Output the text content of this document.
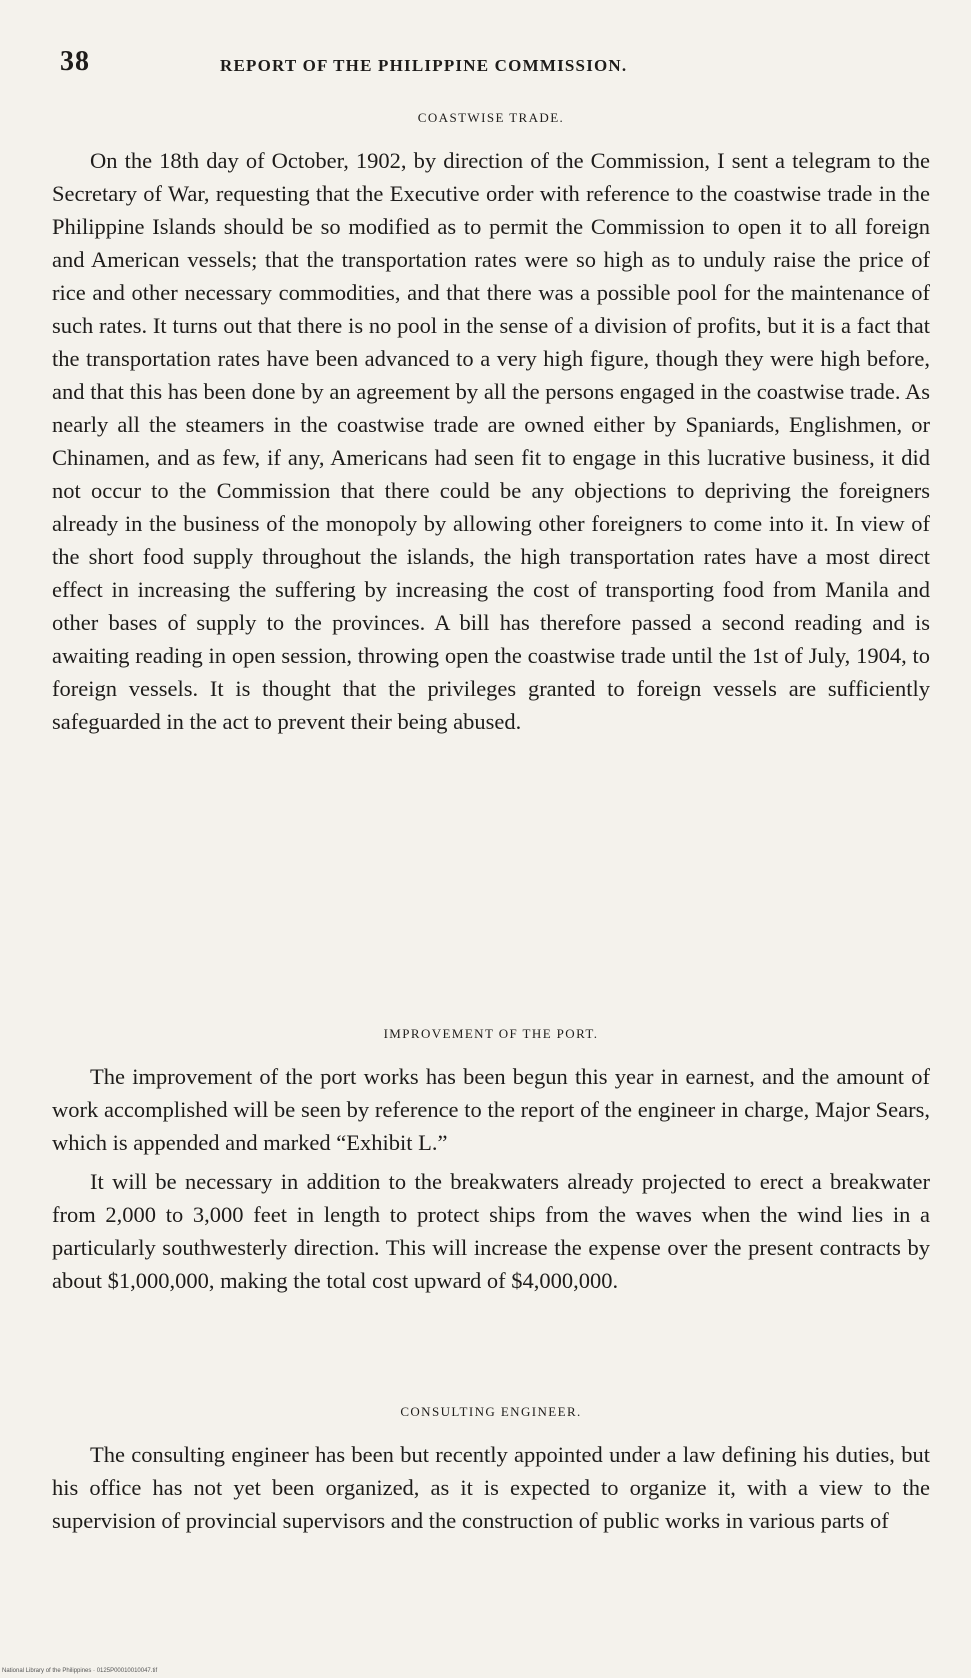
38	REPORT OF THE PHILIPPINE COMMISSION.
COASTWISE TRADE.

On the 18th day of October, 1902, by direction of the Commission, I sent a telegram to the Secretary of War, requesting that the Executive order with reference to the coastwise trade in the Philippine Islands should be so modified as to permit the Commission to open it to all foreign and American vessels; that the transportation rates were so high as to unduly raise the price of rice and other necessary commodities, and that there was a possible pool for the maintenance of such rates. It turns out that there is no pool in the sense of a division of profits, but it is a fact that the transportation rates have been advanced to a very high figure, though they were high before, and that this has been done by an agreement by all the persons engaged in the coastwise trade. As nearly all the steamers in the coastwise trade are owned either by Spaniards, Englishmen, or Chinamen, and as few, if any, Americans had seen fit to engage in this lucrative business, it did not occur to the Commission that there could be any objections to depriving the foreigners already in the business of the monopoly by allowing other foreigners to come into it. In view of the short food supply throughout the islands, the high transportation rates have a most direct effect in increasing the suffering by increasing the cost of transporting food from Manila and other bases of supply to the provinces. A bill has therefore passed a second reading and is awaiting reading in open session, throwing open the coastwise trade until the 1st of July, 1904, to foreign vessels. It is thought that the privileges granted to foreign vessels are sufficiently safeguarded in the act to prevent their being abused.

IMPROVEMENT OF THE PORT.

The improvement of the port works has been begun this year in earnest, and the amount of work accomplished will be seen by reference to the report of the engineer in charge, Major Sears, which is appended and marked “Exhibit L.”

It will be necessary in addition to the breakwaters already projected to erect a breakwater from 2,000 to 3,000 feet in length to protect ships from the waves when the wind lies in a particularly southwesterly direction. This will increase the expense over the present contracts by about $1,000,000, making the total cost upward of $4,000,000.

CONSULTING ENGINEER.

The consulting engineer has been but recently appointed under a law defining his duties, but his office has not yet been organized, as it is expected to organize it, with a view to the supervision of provincial supervisors and the construction of public works in various parts of

National Library of the Philippines · 0125P00010010047.tif
